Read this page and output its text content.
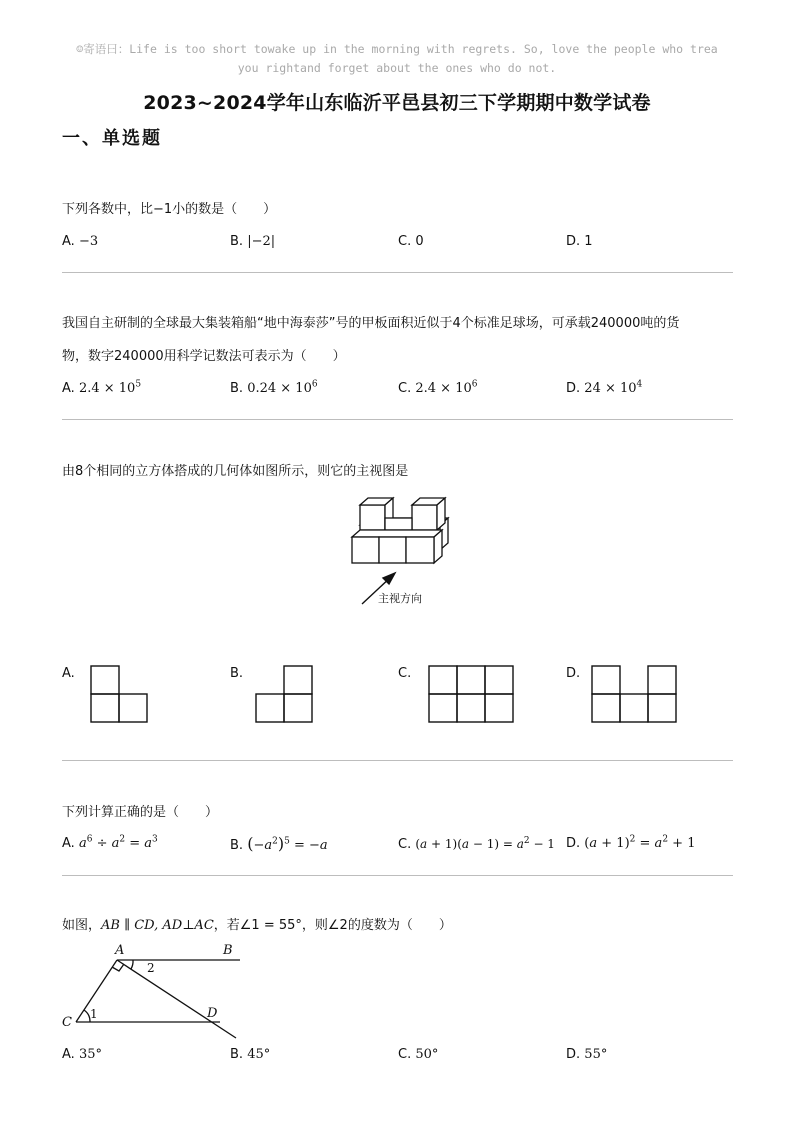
☺寄语曰：Life is too short towake up in the morning with regrets. So, love the people who trea
you rightand forget about the ones who do not.
2023~2024学年山东临沂平邑县初三下学期期中数学试卷
一、单选题
下列各数中，比−1小的数是（　　）
A. −3	B. |−2|	C. 0	D. 1
我国自主研制的全球最大集装箱船“地中海泰莎”号的甲板面积近似于4个标准足球场，可承载240000吨的货
物，数字240000用科学记数法可表示为（　　）
A. $2.4 \times 10^5$	B. $0.24 \times 10^6$	C. $2.4 \times 10^6$	D. $24 \times 10^4$
由8个相同的立方体搭成的几何体如图所示，则它的主视图是
主视方向
A.	B.	C.	D.
下列计算正确的是（　　）
A. $a^6 \div a^2 = a^3$	B. $(-a^2)^5 = -a$	C. $(a + 1)(a - 1) = a^2 - 1$ D. $(a + 1)^2 = a^2 + 1$
如图，AB ∥ CD, AD⊥AC，若∠1 = 55°，则∠2的度数为（　　）
A	B
C
D
1
2
A. 35°	B. 45°	C. 50°	D. 55°
